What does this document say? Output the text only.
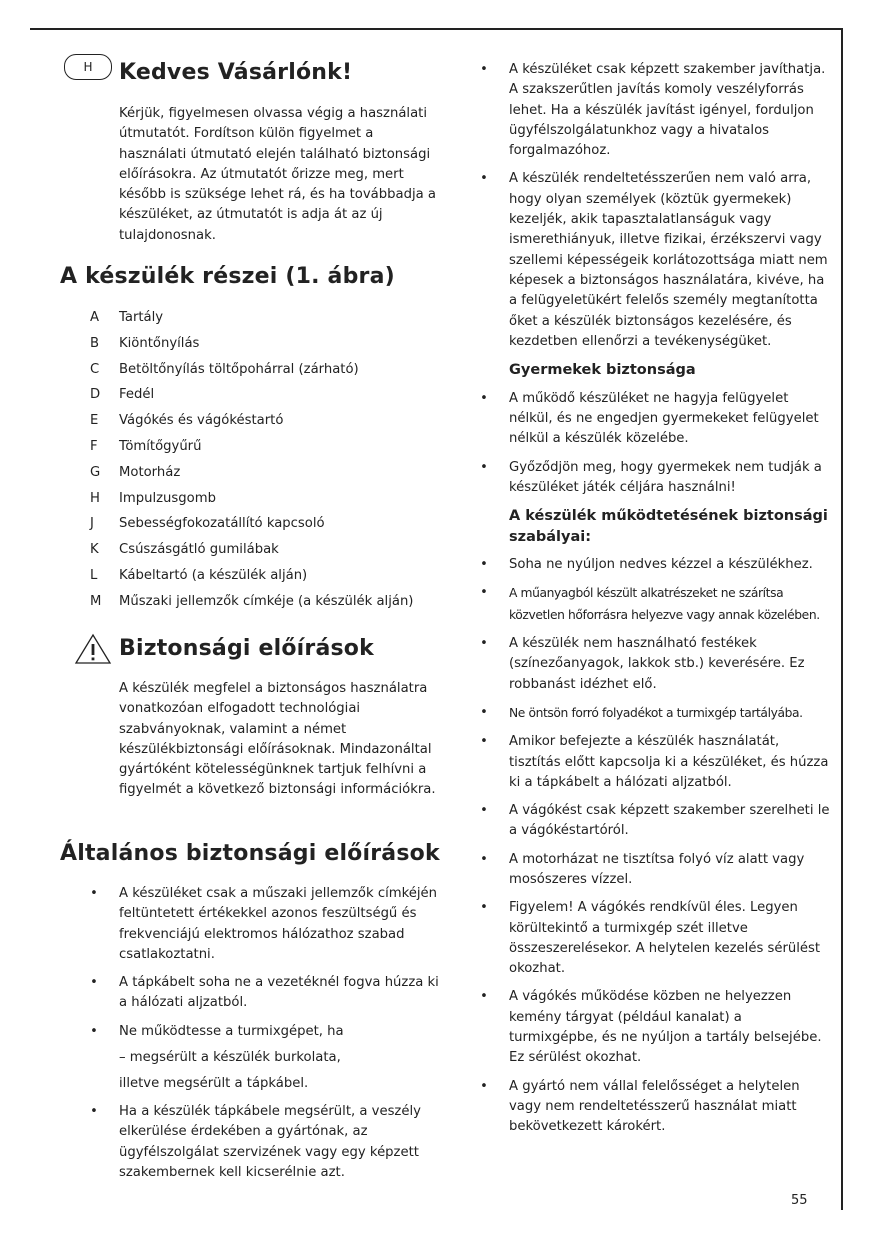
H	Kedves Vásárlónk!
Kérjük, figyelmesen olvassa végig a használati útmutatót. Fordítson külön figyelmet a használati útmutató elején található biztonsági előírásokra. Az útmutatót őrizze meg, mert később is szüksége lehet rá, és ha továbbadja a készüléket, az útmutatót is adja át az új tulajdonosnak.
A készülék részei (1. ábra)
A	Tartály
B	Kiöntőnyílás
C	Betöltőnyílás töltőpohárral (zárható)
D	Fedél
E	Vágókés és vágókéstartó
F	Tömítőgyűrű
G	Motorház
H	Impulzusgomb
J	Sebességfokozatállító kapcsoló
K	Csúszásgátló gumilábak
L	Kábeltartó (a készülék alján)
M	Műszaki jellemzők címkéje (a készülék alján)
Biztonsági előírások
A készülék megfelel a biztonságos használatra vonatkozóan elfogadott technológiai szabványoknak, valamint a német készülékbiztonsági előírásoknak. Mindazonáltal gyártóként kötelességünknek tartjuk felhívni a figyelmét a következő biztonsági információkra.
Általános biztonsági előírások
• A készüléket csak a műszaki jellemzők címkéjén feltüntetett értékekkel azonos feszültségű és frekvenciájú elektromos hálózathoz szabad csatlakoztatni.
• A tápkábelt soha ne a vezetéknél fogva húzza ki a hálózati aljzatból.
• Ne működtesse a turmixgépet, ha
– megsérült a készülék burkolata,
illetve megsérült a tápkábel.
• Ha a készülék tápkábele megsérült, a veszély elkerülése érdekében a gyártónak, az ügyfélszolgálat szervizének vagy egy képzett szakembernek kell kicserélnie azt.
• A készüléket csak képzett szakember javíthatja. A szakszerűtlen javítás komoly veszélyforrás lehet. Ha a készülék javítást igényel, forduljon ügyfélszolgálatunkhoz vagy a hivatalos forgalmazóhoz.
• A készülék rendeltetésszerűen nem való arra, hogy olyan személyek (köztük gyermekek) kezeljék, akik tapasztalatlanságuk vagy ismerethiányuk, illetve fizikai, érzékszervi vagy szellemi képességeik korlátozottsága miatt nem képesek a biztonságos használatára, kivéve, ha a felügyeletükért felelős személy megtanította őket a készülék biztonságos kezelésére, és kezdetben ellenőrzi a tevékenységüket.
Gyermekek biztonsága
• A működő készüléket ne hagyja felügyelet nélkül, és ne engedjen gyermekeket felügyelet nélkül a készülék közelébe.
• Győződjön meg, hogy gyermekek nem tudják a készüléket játék céljára használni!
A készülék működtetésének biztonsági szabályai:
• Soha ne nyúljon nedves kézzel a készülékhez.
• A műanyagból készült alkatrészeket ne szárítsa közvetlen hőforrásra helyezve vagy annak közelében.
• A készülék nem használható festékek (színezőanyagok, lakkok stb.) keverésére. Ez robbanást idézhet elő.
• Ne öntsön forró folyadékot a turmixgép tartályába.
• Amikor befejezte a készülék használatát, tisztítás előtt kapcsolja ki a készüléket, és húzza ki a tápkábelt a hálózati aljzatból.
• A vágókést csak képzett szakember szerelheti le a vágókéstartóról.
• A motorházat ne tisztítsa folyó víz alatt vagy mosószeres vízzel.
• Figyelem! A vágókés rendkívül éles. Legyen körültekintő a turmixgép szét illetve összeszerelésekor. A helytelen kezelés sérülést okozhat.
• A vágókés működése közben ne helyezzen kemény tárgyat (például kanalat) a turmixgépbe, és ne nyúljon a tartály belsejébe. Ez sérülést okozhat.
• A gyártó nem vállal felelősséget a helytelen vagy nem rendeltetésszerű használat miatt bekövetkezett károkért.
55
